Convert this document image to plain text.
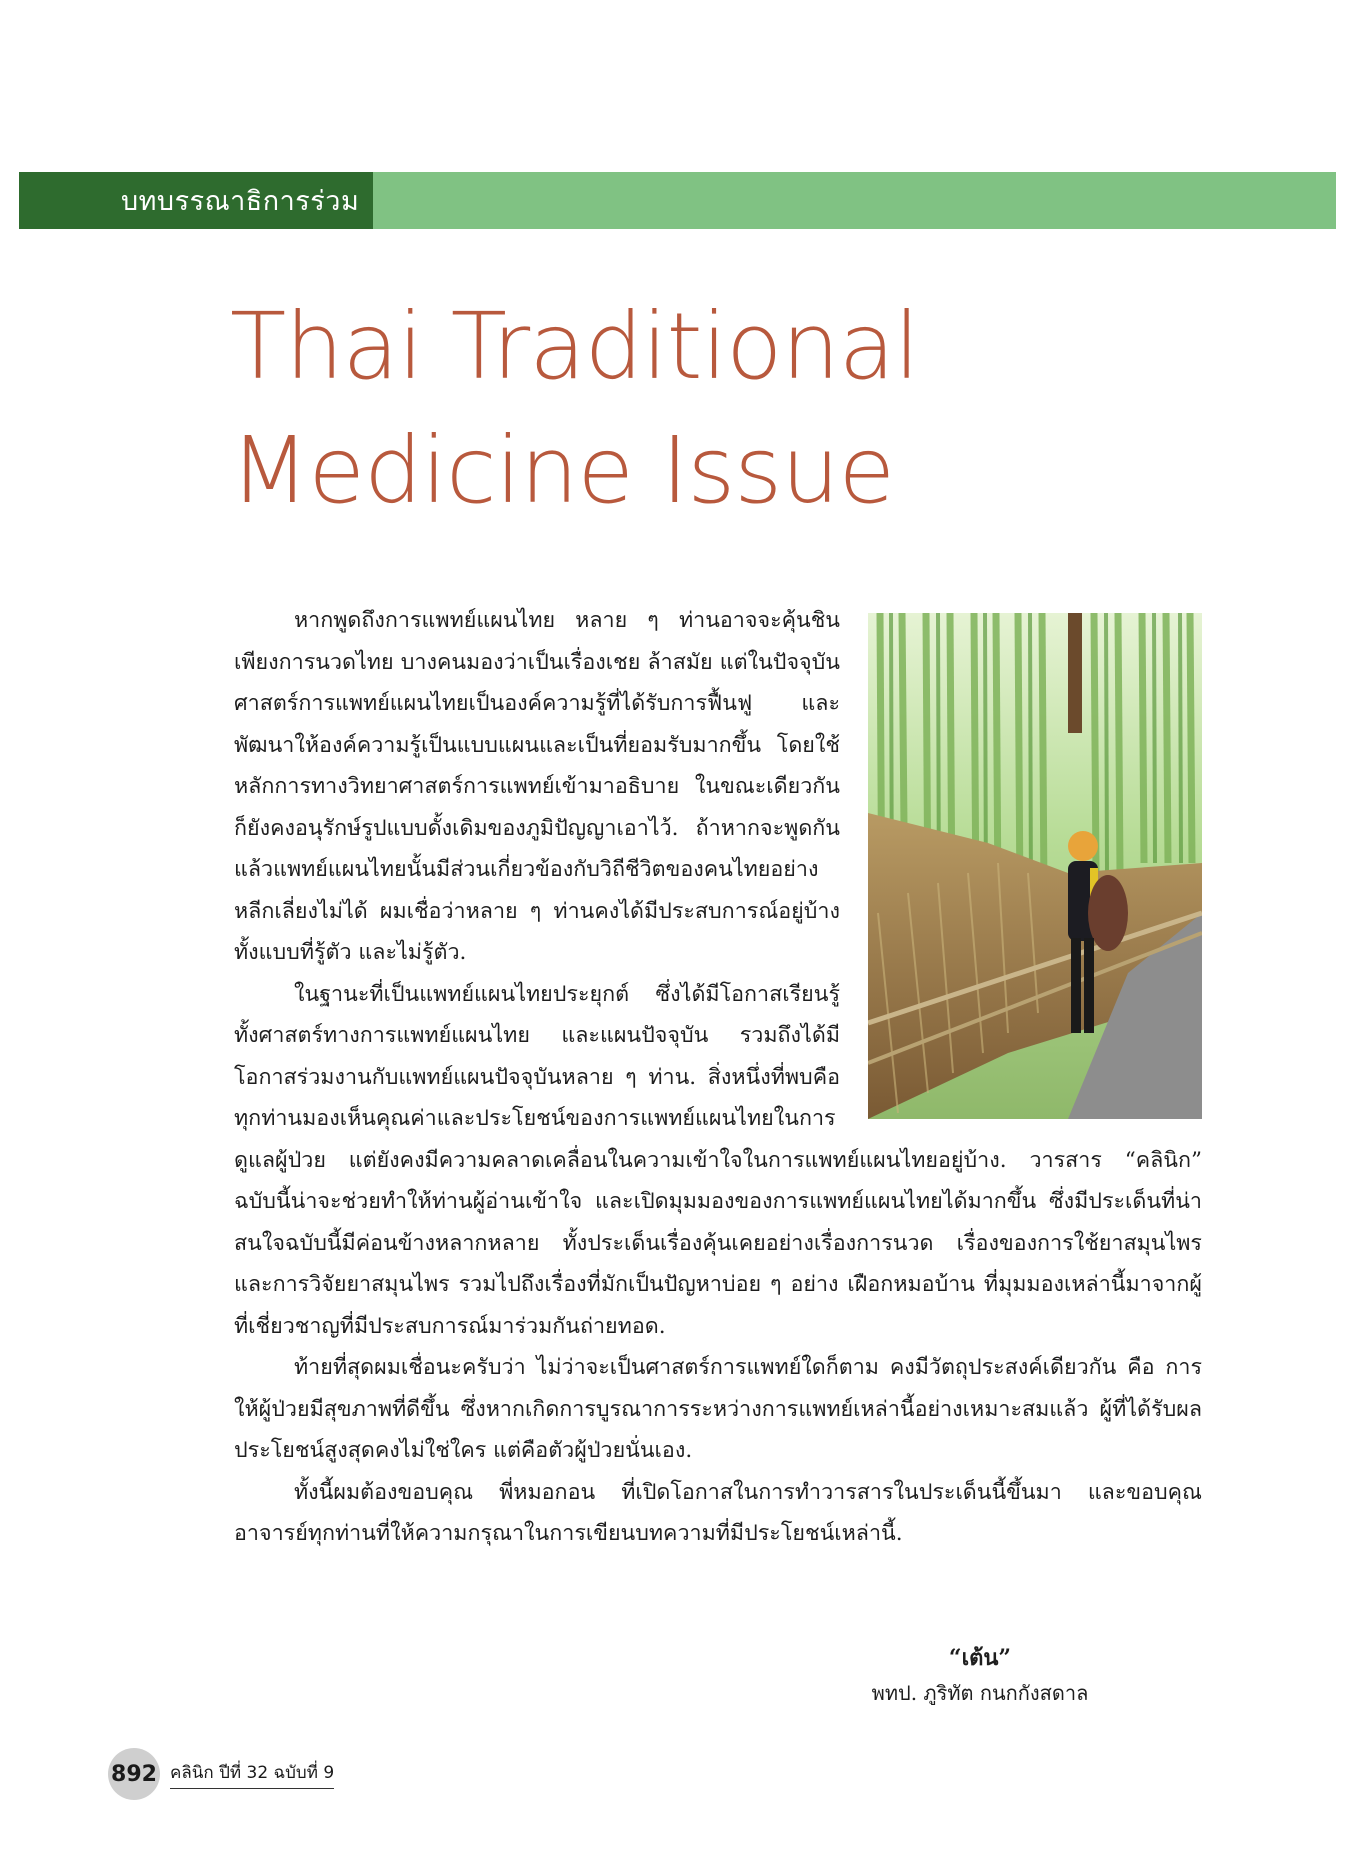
บทบรรณาธิการร่วม
Thai Traditional
Medicine Issue

หากพูดถึงการแพทย์แผนไทย หลาย ๆ ท่านอาจจะคุ้นชินเพียงการนวดไทย บางคนมองว่าเป็นเรื่องเชย ล้าสมัย แต่ในปัจจุบันศาสตร์การแพทย์แผนไทยเป็นองค์ความรู้ที่ได้รับการฟื้นฟู และพัฒนาให้องค์ความรู้เป็นแบบแผนและเป็นที่ยอมรับมากขึ้น โดยใช้หลักการทางวิทยาศาสตร์การแพทย์เข้ามาอธิบาย ในขณะเดียวกันก็ยังคงอนุรักษ์รูปแบบดั้งเดิมของภูมิปัญญาเอาไว้. ถ้าหากจะพูดกันแล้วแพทย์แผนไทยนั้นมีส่วนเกี่ยวข้องกับวิถีชีวิตของคนไทยอย่างหลีกเลี่ยงไม่ได้ ผมเชื่อว่าหลาย ๆ ท่านคงได้มีประสบการณ์อยู่บ้าง ทั้งแบบที่รู้ตัว และไม่รู้ตัว.

ในฐานะที่เป็นแพทย์แผนไทยประยุกต์ ซึ่งได้มีโอกาสเรียนรู้ทั้งศาสตร์ทางการแพทย์แผนไทย และแผนปัจจุบัน รวมถึงได้มีโอกาสร่วมงานกับแพทย์แผนปัจจุบันหลาย ๆ ท่าน. สิ่งหนึ่งที่พบคือ ทุกท่านมองเห็นคุณค่าและประโยชน์ของการแพทย์แผนไทยในการดูแลผู้ป่วย แต่ยังคงมีความคลาดเคลื่อนในความเข้าใจในการแพทย์แผนไทยอยู่บ้าง. วารสาร “คลินิก” ฉบับนี้น่าจะช่วยทำให้ท่านผู้อ่านเข้าใจ และเปิดมุมมองของการแพทย์แผนไทยได้มากขึ้น ซึ่งมีประเด็นที่น่าสนใจฉบับนี้มีค่อนข้างหลากหลาย ทั้งประเด็นเรื่องคุ้นเคยอย่างเรื่องการนวด เรื่องของการใช้ยาสมุนไพรและการวิจัยยาสมุนไพร รวมไปถึงเรื่องที่มักเป็นปัญหาบ่อย ๆ อย่าง เฝือกหมอบ้าน ที่มุมมองเหล่านี้มาจากผู้ที่เชี่ยวชาญที่มีประสบการณ์มาร่วมกันถ่ายทอด.

ท้ายที่สุดผมเชื่อนะครับว่า ไม่ว่าจะเป็นศาสตร์การแพทย์ใดก็ตาม คงมีวัตถุประสงค์เดียวกัน คือ การให้ผู้ป่วยมีสุขภาพที่ดีขึ้น ซึ่งหากเกิดการบูรณาการระหว่างการแพทย์เหล่านี้อย่างเหมาะสมแล้ว ผู้ที่ได้รับผลประโยชน์สูงสุดคงไม่ใช่ใคร แต่คือตัวผู้ป่วยนั่นเอง.

ทั้งนี้ผมต้องขอบคุณ พี่หมอกอน ที่เปิดโอกาสในการทำวารสารในประเด็นนี้ขึ้นมา และขอบคุณอาจารย์ทุกท่านที่ให้ความกรุณาในการเขียนบทความที่มีประโยชน์เหล่านี้.

“เต้น”
พทป. ภูริทัต กนกกังสดาล
892 คลินิก ปีที่ 32 ฉบับที่ 9
